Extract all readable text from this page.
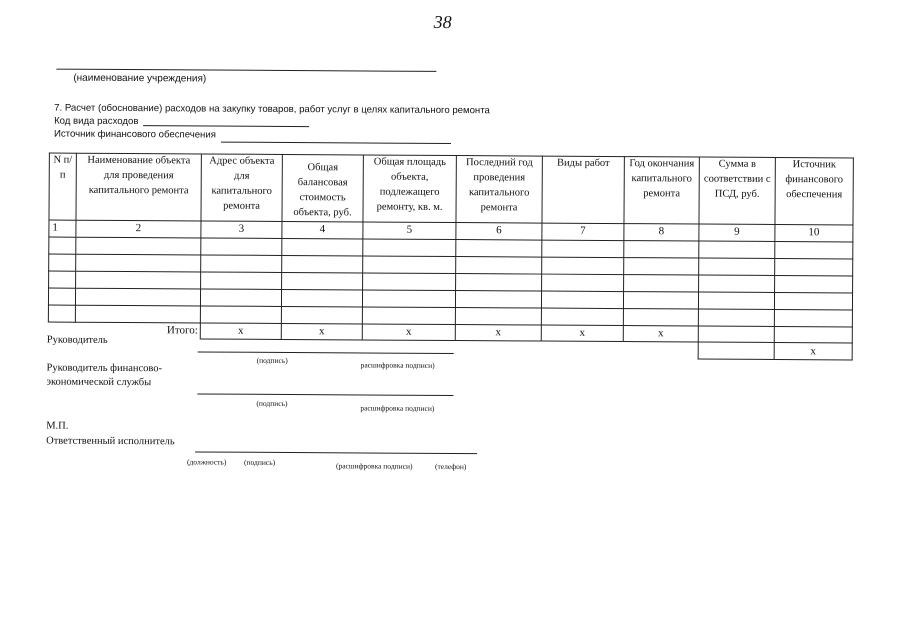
38
(наименование учреждения)
7. Расчет (обоснование) расходов на закупку товаров, работ услуг в целях капитального ремонта
Код вида расходов
Источник финансового обеспечения
N п/п	Наименование объекта для проведения капитального ремонта	Адрес объекта для капитального ремонта	Общая балансовая стоимость объекта, руб.	Общая площадь объекта, подлежащего ремонту, кв. м.	Последний год проведения капитального ремонта	Виды работ	Год окончания капитального ремонта	Сумма в соответствии с ПСД, руб.	Источник финансового обеспечения
1	2	3	4	5	6	7	8	9	10

Итого:		x	x	x	x	x	x		
									x
Руководитель
(подпись)
расшифровка подписи)
Руководитель финансово-
экономической службы
(подпись)
расшифровка подписи)
М.П.
Ответственный исполнитель
(должность) (подпись)	(расшифровка подписи)	(телефон)
